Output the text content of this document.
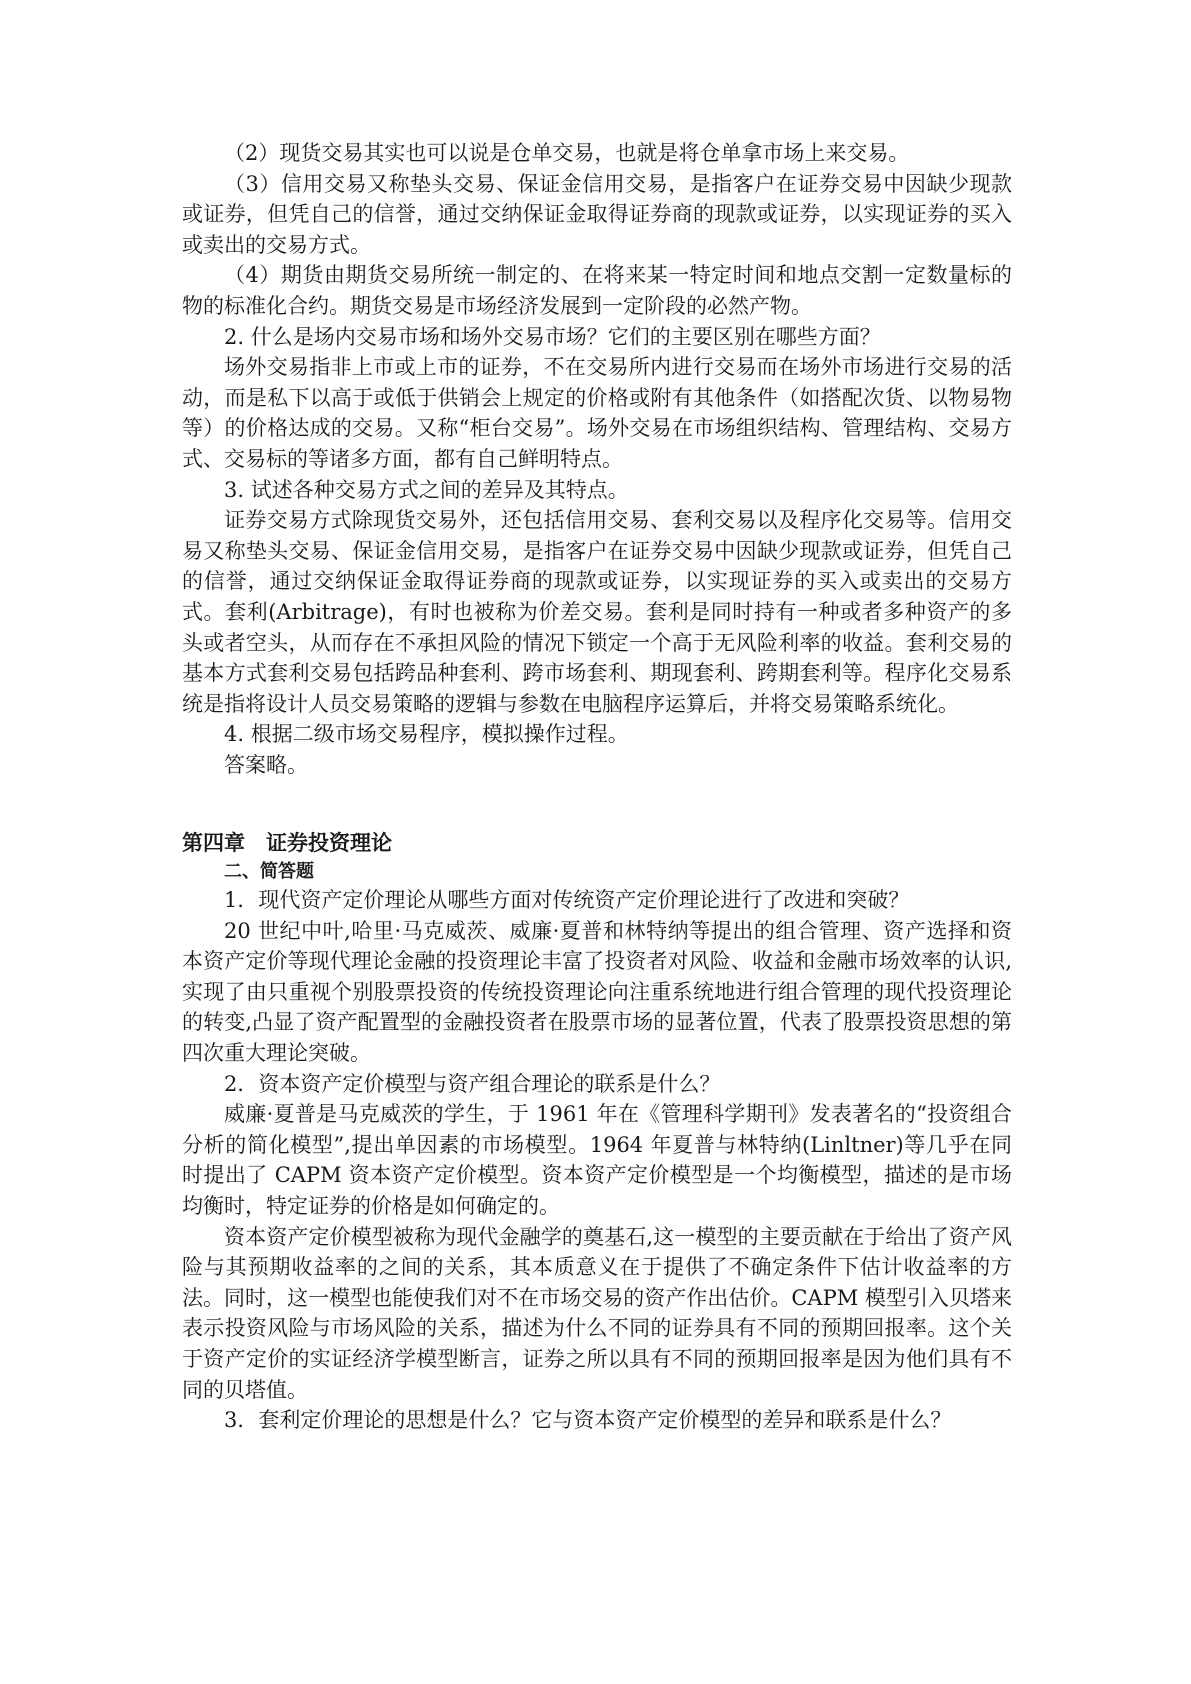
（2）现货交易其实也可以说是仓单交易，也就是将仓单拿市场上来交易。

（3）信用交易又称垫头交易、保证金信用交易，是指客户在证券交易中因缺少现款或证券，但凭自己的信誉，通过交纳保证金取得证券商的现款或证券，以实现证券的买入或卖出的交易方式。

（4）期货由期货交易所统一制定的、在将来某一特定时间和地点交割一定数量标的物的标准化合约。期货交易是市场经济发展到一定阶段的必然产物。

2. 什么是场内交易市场和场外交易市场？它们的主要区别在哪些方面？

场外交易指非上市或上市的证券，不在交易所内进行交易而在场外市场进行交易的活动，而是私下以高于或低于供销会上规定的价格或附有其他条件（如搭配次货、以物易物等）的价格达成的交易。又称“柜台交易”。场外交易在市场组织结构、管理结构、交易方式、交易标的等诸多方面，都有自己鲜明特点。

3. 试述各种交易方式之间的差异及其特点。

证券交易方式除现货交易外，还包括信用交易、套利交易以及程序化交易等。信用交易又称垫头交易、保证金信用交易，是指客户在证券交易中因缺少现款或证券，但凭自己的信誉，通过交纳保证金取得证券商的现款或证券，以实现证券的买入或卖出的交易方式。套利(Arbitrage)，有时也被称为价差交易。套利是同时持有一种或者多种资产的多头或者空头，从而存在不承担风险的情况下锁定一个高于无风险利率的收益。套利交易的基本方式套利交易包括跨品种套利、跨市场套利、期现套利、跨期套利等。程序化交易系统是指将设计人员交易策略的逻辑与参数在电脑程序运算后，并将交易策略系统化。

4. 根据二级市场交易程序，模拟操作过程。

答案略。

第四章　证券投资理论

二、简答题

1．现代资产定价理论从哪些方面对传统资产定价理论进行了改进和突破？

20 世纪中叶,哈里·马克威茨、威廉·夏普和林特纳等提出的组合管理、资产选择和资本资产定价等现代理论金融的投资理论丰富了投资者对风险、收益和金融市场效率的认识,实现了由只重视个别股票投资的传统投资理论向注重系统地进行组合管理的现代投资理论的转变,凸显了资产配置型的金融投资者在股票市场的显著位置，代表了股票投资思想的第四次重大理论突破。

2．资本资产定价模型与资产组合理论的联系是什么？

威廉·夏普是马克威茨的学生，于 1961 年在《管理科学期刊》发表著名的“投资组合分析的简化模型”,提出单因素的市场模型。1964 年夏普与林特纳(Linltner)等几乎在同时提出了 CAPM 资本资产定价模型。资本资产定价模型是一个均衡模型，描述的是市场均衡时，特定证券的价格是如何确定的。

资本资产定价模型被称为现代金融学的奠基石,这一模型的主要贡献在于给出了资产风险与其预期收益率的之间的关系，其本质意义在于提供了不确定条件下估计收益率的方法。同时，这一模型也能使我们对不在市场交易的资产作出估价。CAPM 模型引入贝塔来表示投资风险与市场风险的关系，描述为什么不同的证券具有不同的预期回报率。这个关于资产定价的实证经济学模型断言，证券之所以具有不同的预期回报率是因为他们具有不同的贝塔值。

3．套利定价理论的思想是什么？它与资本资产定价模型的差异和联系是什么？
